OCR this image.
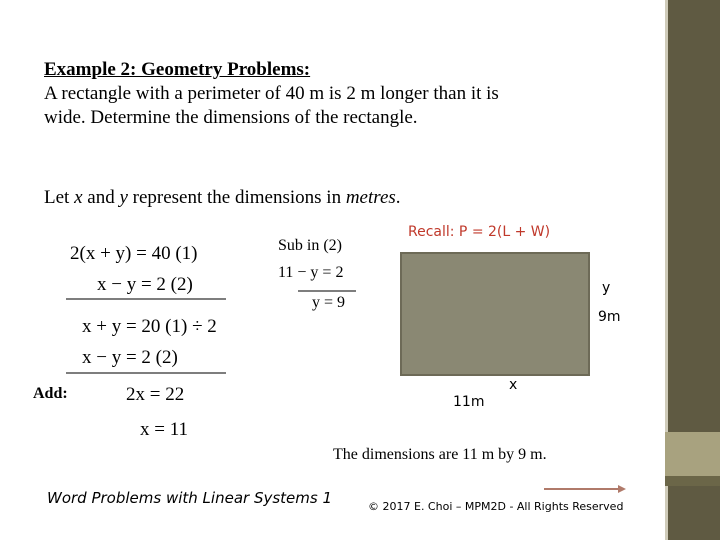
Example 2: Geometry Problems:
A rectangle with a perimeter of 40 m is 2 m longer than it is
wide. Determine the dimensions of the rectangle.
Let x and y represent the dimensions in metres.
2(x + y) = 40 (1)
x − y = 2 (2)
x + y = 20 (1) ÷ 2
x − y = 2 (2)
Add:	2x = 22
x = 11
Sub in (2)
11 − y = 2
y = 9
Recall: P = 2(L + W)
y
9m
11m
x
The dimensions are 11 m by 9 m.
Word Problems with Linear Systems 1	© 2017 E. Choi – MPM2D - All Rights Reserved
